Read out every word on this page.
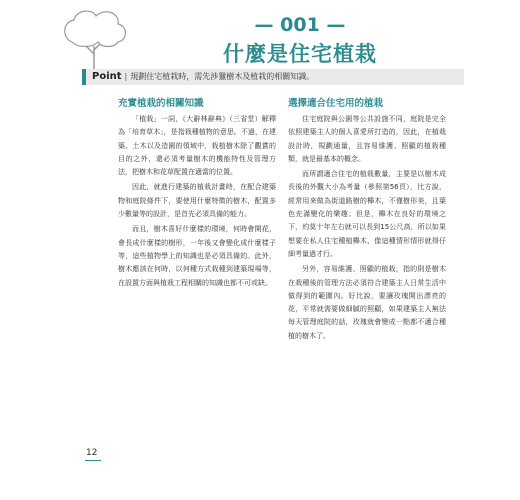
— 001 —
什麼是住宅植栽
Point | 規劃住宅植栽時，需先涉獵樹木及植栽的相關知識。
充實植栽的相關知識

「植栽」一詞，《大辭林辭典》（三省堂）解釋為「培育草木」，是指栽種植物的意思。不過，在建築、土木以及造園的領域中，栽植樹木除了觀賞的目的之外，還必須考量樹木的機能特性及管理方法，把樹木和花草配置在適當的位置。

因此，就進行建築的植栽計畫時，在配合建築物和庭院條件下，要使用什麼特徵的樹木，配置多少數量等的設計，是首先必須具備的能力。

而且，樹木喜好什麼樣的環境，何時會開花，會長成什麼樣的樹形，一年後又會變化成什麼樣子等，這些植物學上的知識也是必須具備的。此外，樹木應該在何時，以何種方式栽種到建築現場等，在設置方面與植栽工程相關的知識也都不可或缺。

選擇適合住宅用的植栽

住宅庭院與公園等公共設施不同，庭院是完全依照建築主人的個人喜愛所打造的，因此，在植栽設計時，規劃通量，且容易維護、照顧的植栽種類，就是最基本的概念。

而所謂適合住宅的植栽數量，主要是以樹木成長後的外觀大小為考量（參照第56頁），比方說，經常用來做為街道路樹的櫸木，不僅樹形美，且葉色充滿變化的樂趣；但是，櫸木在良好的環境之下，約莫十年左右就可以長到15公尺高，所以如果想要在私人住宅種植櫸木，像這種情形情形就得仔細考量過才行。

另外，容易維護、照顧的植栽，指的則是樹木在栽種後的管理方法必須符合建築主人日常生活中做得到的範圍內。好比說，要讓玫瑰開出漂亮的花，平常就需要做細膩的照顧，如果建築主人無法每天管理庭院的話，玫瑰就會變成一點都不適合種植的樹木了。

12
